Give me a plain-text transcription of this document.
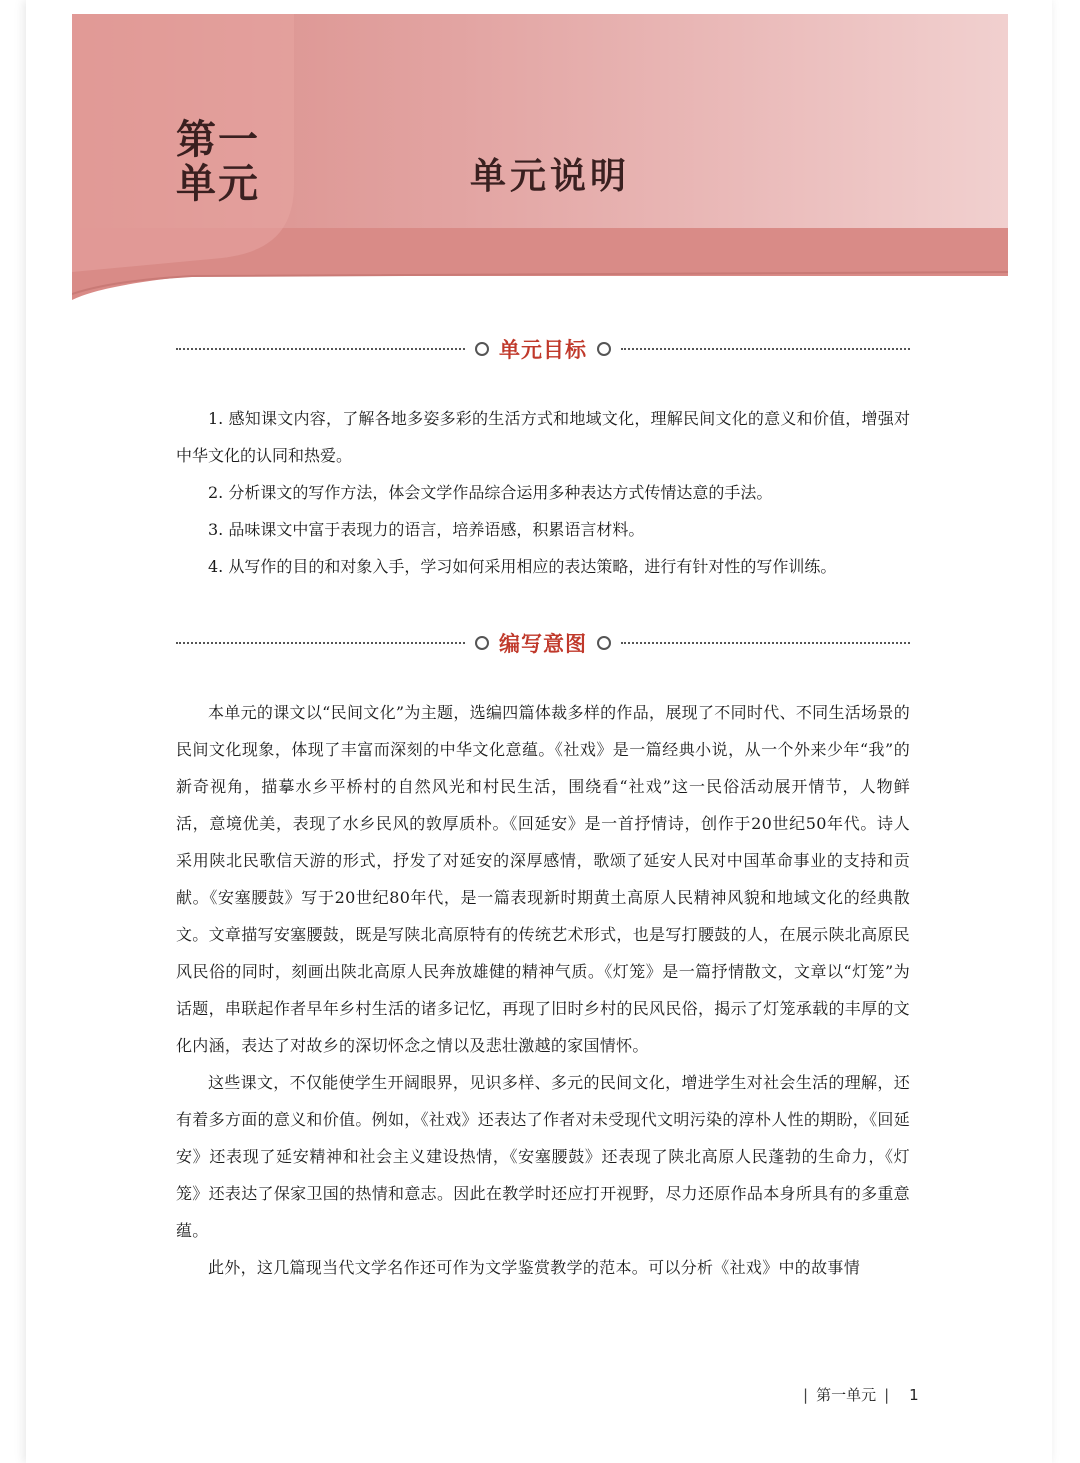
第一
单元	单元说明
单元目标

1. 感知课文内容，了解各地多姿多彩的生活方式和地域文化，理解民间文化的意义和价值，增强对中华文化的认同和热爱。

2. 分析课文的写作方法，体会文学作品综合运用多种表达方式传情达意的手法。

3. 品味课文中富于表现力的语言，培养语感，积累语言材料。

4. 从写作的目的和对象入手，学习如何采用相应的表达策略，进行有针对性的写作训练。

编写意图

本单元的课文以“民间文化”为主题，选编四篇体裁多样的作品，展现了不同时代、不同生活场景的民间文化现象，体现了丰富而深刻的中华文化意蕴。《社戏》是一篇经典小说，从一个外来少年“我”的新奇视角，描摹水乡平桥村的自然风光和村民生活，围绕看“社戏”这一民俗活动展开情节，人物鲜活，意境优美，表现了水乡民风的敦厚质朴。《回延安》是一首抒情诗，创作于20世纪50年代。诗人采用陕北民歌信天游的形式，抒发了对延安的深厚感情，歌颂了延安人民对中国革命事业的支持和贡献。《安塞腰鼓》写于20世纪80年代，是一篇表现新时期黄土高原人民精神风貌和地域文化的经典散文。文章描写安塞腰鼓，既是写陕北高原特有的传统艺术形式，也是写打腰鼓的人，在展示陕北高原民风民俗的同时，刻画出陕北高原人民奔放雄健的精神气质。《灯笼》是一篇抒情散文，文章以“灯笼”为话题，串联起作者早年乡村生活的诸多记忆，再现了旧时乡村的民风民俗，揭示了灯笼承载的丰厚的文化内涵，表达了对故乡的深切怀念之情以及悲壮激越的家国情怀。

这些课文，不仅能使学生开阔眼界，见识多样、多元的民间文化，增进学生对社会生活的理解，还有着多方面的意义和价值。例如，《社戏》还表达了作者对未受现代文明污染的淳朴人性的期盼，《回延安》还表现了延安精神和社会主义建设热情，《安塞腰鼓》还表现了陕北高原人民蓬勃的生命力，《灯笼》还表达了保家卫国的热情和意志。因此在教学时还应打开视野，尽力还原作品本身所具有的多重意蕴。

此外，这几篇现当代文学名作还可作为文学鉴赏教学的范本。可以分析《社戏》中的故事情

| 第一单元 | 1
